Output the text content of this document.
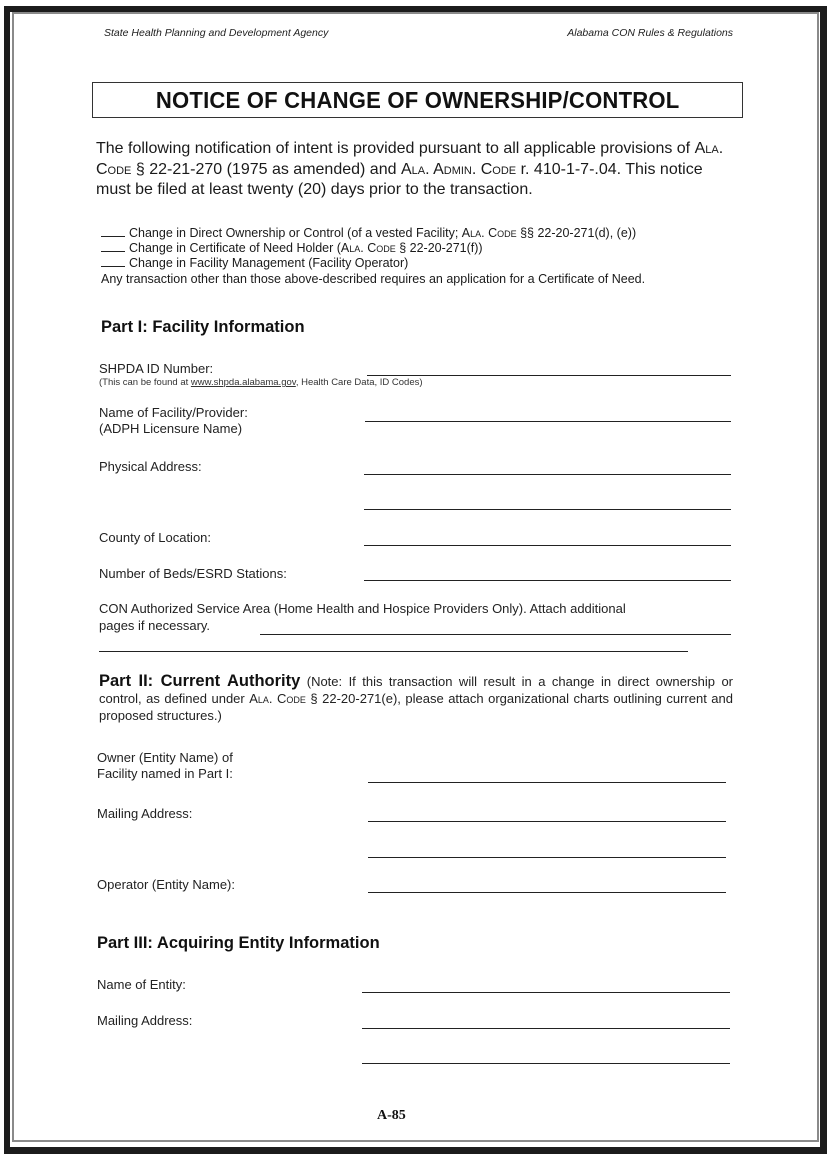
State Health Planning and Development Agency	Alabama CON Rules & Regulations
NOTICE OF CHANGE OF OWNERSHIP/CONTROL
The following notification of intent is provided pursuant to all applicable provisions of Ala. Code § 22-21-270 (1975 as amended) and Ala. Admin. Code r. 410-1-7-.04. This notice must be filed at least twenty (20) days prior to the transaction.
Change in Direct Ownership or Control (of a vested Facility; Ala. Code §§ 22-20-271(d), (e))
Change in Certificate of Need Holder (Ala. Code § 22-20-271(f))
Change in Facility Management (Facility Operator)
Any transaction other than those above-described requires an application for a Certificate of Need.
Part I: Facility Information
SHPDA ID Number:
(This can be found at www.shpda.alabama.gov, Health Care Data, ID Codes)
Name of Facility/Provider:
(ADPH Licensure Name)
Physical Address:
County of Location:
Number of Beds/ESRD Stations:
CON Authorized Service Area (Home Health and Hospice Providers Only). Attach additional
pages if necessary.
Part II: Current Authority (Note: If this transaction will result in a change in direct ownership or control, as defined under Ala. Code § 22-20-271(e), please attach organizational charts outlining current and proposed structures.)
Owner (Entity Name) of
Facility named in Part I:
Mailing Address:
Operator (Entity Name):
Part III: Acquiring Entity Information
Name of Entity:
Mailing Address:
A-85
